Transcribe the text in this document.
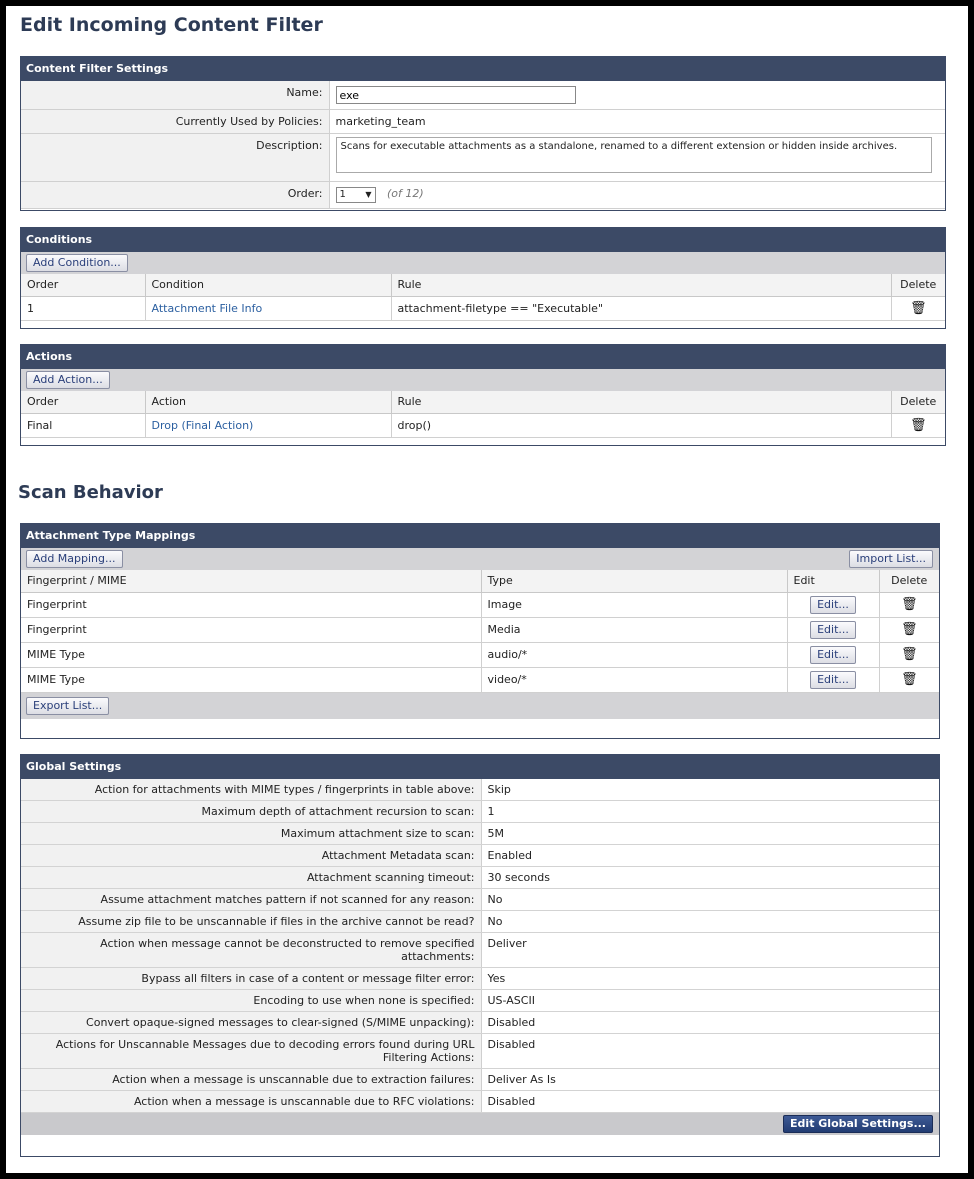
Edit Incoming Content Filter
Content Filter Settings
Name:	exe
Currently Used by Policies:	marketing_team
Description:	Scans for executable attachments as a standalone, renamed to a different extension or hidden inside archives.

Order:	1 ▼ (of 12)
Conditions
Add Condition...
Order	Condition	Rule	Delete
1	Attachment File Info	attachment-filetype == "Executable"	🗑
Actions
Add Action...
Order	Action	Rule	Delete
Final	Drop (Final Action)	drop()	🗑
Scan Behavior
Attachment Type Mappings
Add Mapping...	Import List...
Fingerprint / MIME	Type	Edit	Delete
Fingerprint	Image	Edit...	🗑
Fingerprint	Media	Edit...	🗑
MIME Type	audio/*	Edit...	🗑
MIME Type	video/*	Edit...	🗑
Export List...
Global Settings
Action for attachments with MIME types / fingerprints in table above:	Skip
Maximum depth of attachment recursion to scan:	1
Maximum attachment size to scan:	5M
Attachment Metadata scan:	Enabled
Attachment scanning timeout:	30 seconds
Assume attachment matches pattern if not scanned for any reason:	No
Assume zip file to be unscannable if files in the archive cannot be read?	No
Action when message cannot be deconstructed to remove specified attachments:	Deliver
Bypass all filters in case of a content or message filter error:	Yes
Encoding to use when none is specified:	US-ASCII
Convert opaque-signed messages to clear-signed (S/MIME unpacking):	Disabled
Actions for Unscannable Messages due to decoding errors found during URL Filtering Actions:	Disabled
Action when a message is unscannable due to extraction failures:	Deliver As Is
Action when a message is unscannable due to RFC violations:	Disabled
Edit Global Settings...
